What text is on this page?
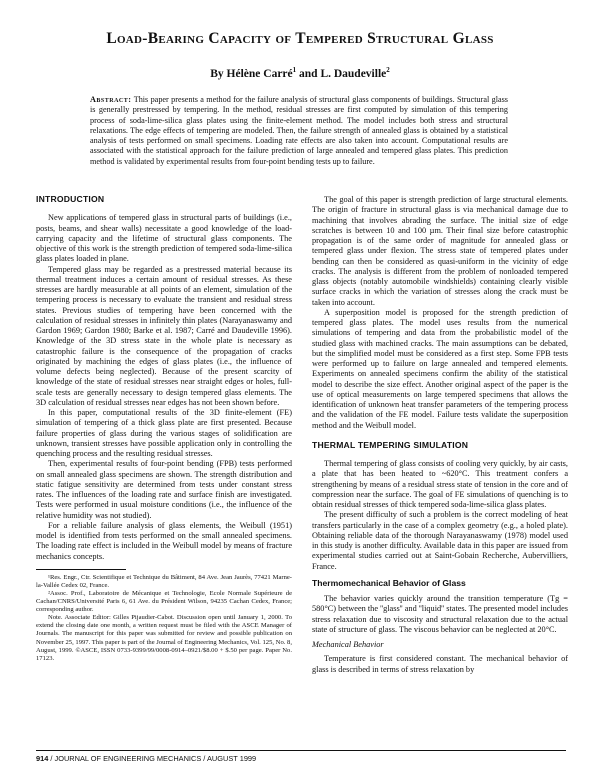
Load-Bearing Capacity of Tempered Structural Glass
By Hélène Carré$^1$ and L. Daudeville$^2$
Abstract: This paper presents a method for the failure analysis of structural glass components of buildings. Structural glass is generally prestressed by tempering. In the method, residual stresses are first computed by simulation of this tempering process of soda-lime-silica glass plates using the finite-element method. The model includes both stress and structural relaxations. The edge effects of tempering are modeled. Then, the failure strength of annealed glass is obtained by a statistical analysis of tests performed on small specimens. Loading rate effects are also taken into account. Computational results are associated with the statistical approach for the failure prediction of large annealed and tempered glass plates. This prediction method is validated by experimental results from four-point bending tests up to failure.
INTRODUCTION

New applications of tempered glass in structural parts of buildings (i.e., posts, beams, and shear walls) necessitate a good knowledge of the load-carrying capacity and the lifetime of structural glass components. The objective of this work is the strength prediction of tempered soda-lime-silica glass plates loaded in plane.

Tempered glass may be regarded as a prestressed material because its thermal treatment induces a certain amount of residual stresses. As these stresses are hardly measurable at all points of an element, simulation of the tempering process is necessary to evaluate the transient and residual stress states. Previous studies of tempering have been concerned with the calculation of residual stresses in infinitely thin plates (Narayanaswamy and Gardon 1969; Gardon 1980; Barke et al. 1987; Carré and Daudeville 1996). Knowledge of the 3D stress state in the whole plate is necessary as catastrophic failure is the consequence of the propagation of cracks originated by machining the edges of glass plates (i.e., the influence of volume defects being neglected). Because of the present scarcity of knowledge of the state of residual stresses near straight edges or holes, full-scale tests are generally necessary to design tempered glass elements. The 3D calculation of residual stresses near edges has not been shown before.

In this paper, computational results of the 3D finite-element (FE) simulation of tempering of a thick glass plate are first presented. Because failure properties of glass during the various stages of solidification are unknown, transient stresses have possible application only in controlling the quenching process and the resulting residual stresses.

Then, experimental results of four-point bending (FPB) tests performed on small annealed glass specimens are shown. The strength distribution and static fatigue sensitivity are determined from tests under constant stress rates. The influences of the loading rate and surface finish are investigated. Tests were performed in usual moisture conditions (i.e., the influence of the relative humidity was not studied).

For a reliable failure analysis of glass elements, the Weibull (1951) model is identified from tests performed on the small annealed specimens. The loading rate effect is included in the Weibull model by means of fracture mechanics concepts.

¹Res. Engr., Ctr. Scientifique et Technique du Bâtiment, 84 Ave. Jean Jaurès, 77421 Marne-la-Vallée Cedex 02, France.

²Assoc. Prof., Laboratoire de Mécanique et Technologie, Ecole Normale Supérieure de Cachan/CNRS/Université Paris 6, 61 Ave. du Président Wilson, 94235 Cachan Cedex, France; corresponding author.

Note. Associate Editor: Gilles Pijaudier-Cabot. Discussion open until January 1, 2000. To extend the closing date one month, a written request must be filed with the ASCE Manager of Journals. The manuscript for this paper was submitted for review and possible publication on November 25, 1997. This paper is part of the Journal of Engineering Mechanics, Vol. 125, No. 8, August, 1999. ©ASCE, ISSN 0733-9399/99/0008-0914–0921/$8.00 + $.50 per page. Paper No. 17123.

The goal of this paper is strength prediction of large structural elements. The origin of fracture in structural glass is via mechanical damage due to machining that involves abrading the surface. The initial size of edge scratches is between 10 and 100 µm. Their final size before catastrophic propagation is of the same order of magnitude for annealed glass or tempered glass under flexion. The stress state of tempered plates under bending can then be considered as quasi-uniform in the vicinity of edge cracks. The analysis is different from the problem of nonloaded tempered glass objects (notably automobile windshields) containing clearly visible surface cracks in which the variation of stresses along the crack must be taken into account.

A superposition model is proposed for the strength prediction of tempered glass plates. The model uses results from the numerical simulations of tempering and data from the probabilistic model of the studied glass with machined cracks. The main assumptions can be debated, but the simplified model must be considered as a first step. Some FPB tests were performed up to failure on large annealed and tempered elements. Experiments on annealed specimens confirm the ability of the statistical model to describe the size effect. Another original aspect of the paper is the use of optical measurements on large tempered specimens that allows the identification of unknown heat transfer parameters of the tempering process and the validation of the FE model. Failure tests validate the superposition method and the Weibull model.

THERMAL TEMPERING SIMULATION

Thermal tempering of glass consists of cooling very quickly, by air casts, a plate that has been heated to ~620°C. This treatment confers a strengthening by means of a residual stress state of tension in the core and of compression near the surface. The goal of FE simulations of quenching is to obtain residual stresses of thick tempered soda-lime-silica glass plates.

The present difficulty of such a problem is the correct modeling of heat transfers particularly in the case of a complex geometry (e.g., a holed plate). Obtaining reliable data of the thorough Narayanaswamy (1978) model used in this study is another difficulty. Available data in this paper are issued from experimental studies carried out at Saint-Gobain Recherche, Aubervilliers, France.

Thermomechanical Behavior of Glass

The behavior varies quickly around the transition temperature (Tg = 580°C) between the ''glass'' and ''liquid'' states. The presented model includes stress relaxation due to viscosity and structural relaxation due to the actual state of structure of glass. The viscous behavior can be neglected at 20°C.

Mechanical Behavior

Temperature is first considered constant. The mechanical behavior of glass is described in terms of stress relaxation by

914 / JOURNAL OF ENGINEERING MECHANICS / AUGUST 1999
